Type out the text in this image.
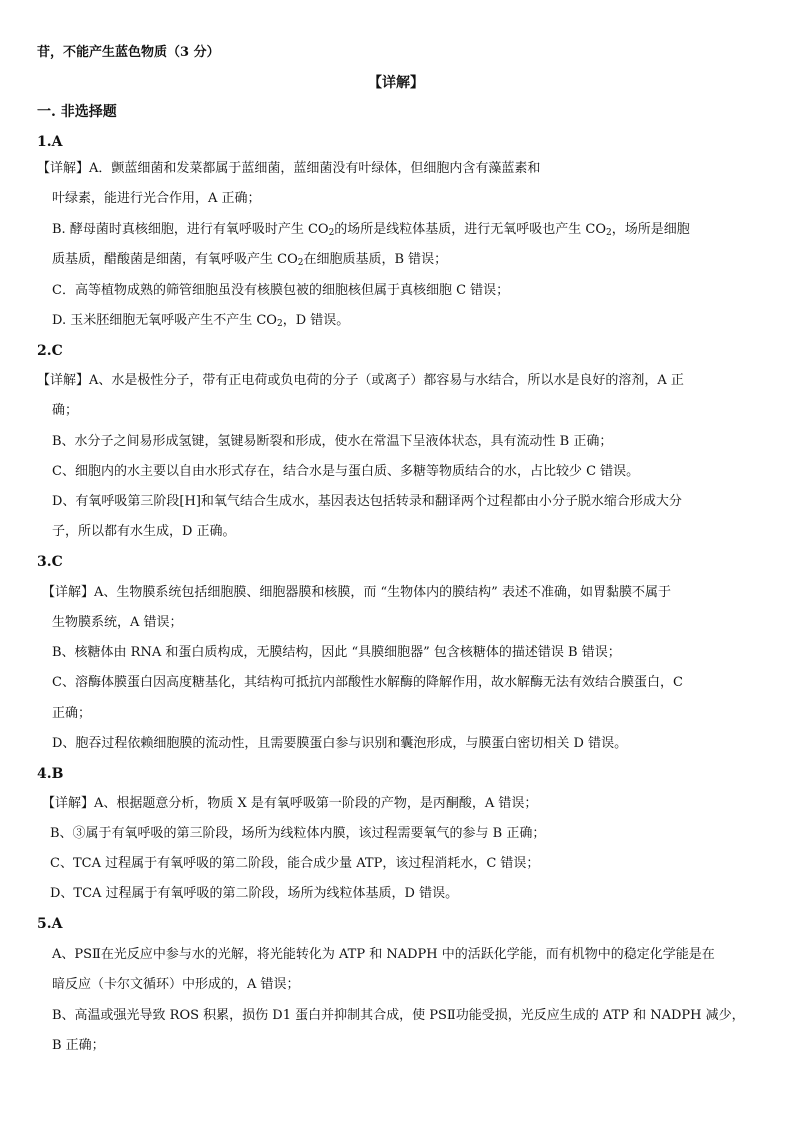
苷，不能产生蓝色物质（3 分）
【详解】
一. 非选择题
1.A
【详解】A．颤蓝细菌和发菜都属于蓝细菌，蓝细菌没有叶绿体，但细胞内含有藻蓝素和
叶绿素，能进行光合作用，A 正确；
B. 酵母菌时真核细胞，进行有氧呼吸时产生 $CO_2$的场所是线粒体基质，进行无氧呼吸也产生 $CO_2$，场所是细胞
质基质，醋酸菌是细菌，有氧呼吸产生 $CO_2$在细胞质基质，B 错误；
C．高等植物成熟的筛管细胞虽没有核膜包被的细胞核但属于真核细胞 C 错误；
D. 玉米胚细胞无氧呼吸产生不产生 $CO_2$，D 错误。
2.C
【详解】A、水是极性分子，带有正电荷或负电荷的分子（或离子）都容易与水结合，所以水是良好的溶剂，A 正
确；
B、水分子之间易形成氢键，氢键易断裂和形成，使水在常温下呈液体状态，具有流动性 B 正确；
C、细胞内的水主要以自由水形式存在，结合水是与蛋白质、多糖等物质结合的水，占比较少 C 错误。
D、有氧呼吸第三阶段[H]和氧气结合生成水，基因表达包括转录和翻译两个过程都由小分子脱水缩合形成大分
子，所以都有水生成，D 正确。
3.C
【详解】A、生物膜系统包括细胞膜、细胞器膜和核膜，而 “生物体内的膜结构” 表述不准确，如胃黏膜不属于
生物膜系统，A 错误；
B、核糖体由 RNA 和蛋白质构成，无膜结构，因此 “具膜细胞器” 包含核糖体的描述错误 B 错误；
C、溶酶体膜蛋白因高度糖基化，其结构可抵抗内部酸性水解酶的降解作用，故水解酶无法有效结合膜蛋白，C
正确；
D、胞吞过程依赖细胞膜的流动性，且需要膜蛋白参与识别和囊泡形成，与膜蛋白密切相关 D 错误。
4.B
【详解】A、根据题意分析，物质 X 是有氧呼吸第一阶段的产物，是丙酮酸，A 错误；
B、③属于有氧呼吸的第三阶段，场所为线粒体内膜，该过程需要氧气的参与 B 正确；
C、TCA 过程属于有氧呼吸的第二阶段，能合成少量 ATP，该过程消耗水，C 错误；
D、TCA 过程属于有氧呼吸的第二阶段，场所为线粒体基质，D 错误。
5.A
A、PSⅡ在光反应中参与水的光解，将光能转化为 ATP 和 NADPH 中的活跃化学能，而有机物中的稳定化学能是在
暗反应（卡尔文循环）中形成的，A 错误；
B、高温或强光导致 ROS 积累，损伤 D1 蛋白并抑制其合成，使 PSⅡ功能受损，光反应生成的 ATP 和 NADPH 减少，
B 正确；
